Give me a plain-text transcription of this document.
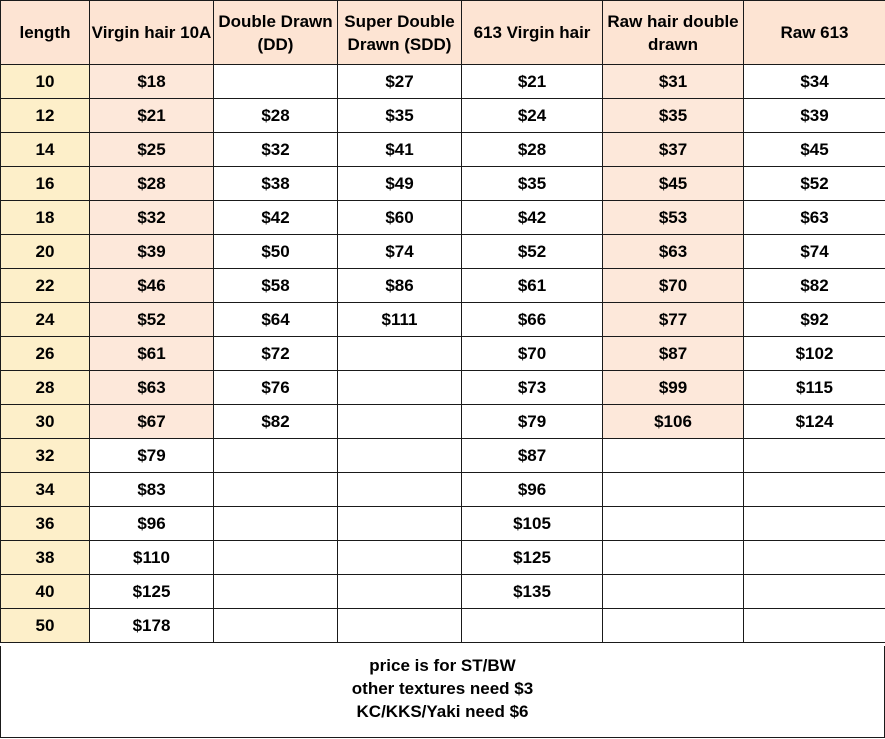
length	Virgin hair 10A	Double Drawn (DD)	Super Double Drawn (SDD)	613 Virgin hair	Raw hair double drawn	Raw 613
10	$18		$27	$21	$31	$34
12	$21	$28	$35	$24	$35	$39
14	$25	$32	$41	$28	$37	$45
16	$28	$38	$49	$35	$45	$52
18	$32	$42	$60	$42	$53	$63
20	$39	$50	$74	$52	$63	$74
22	$46	$58	$86	$61	$70	$82
24	$52	$64	$111	$66	$77	$92
26	$61	$72		$70	$87	$102
28	$63	$76		$73	$99	$115
30	$67	$82		$79	$106	$124
32	$79			$87		
34	$83			$96		
36	$96			$105		
38	$110			$125		
40	$125			$135		
50	$178					
price is for ST/BW
other textures need $3
KC/KKS/Yaki need $6
